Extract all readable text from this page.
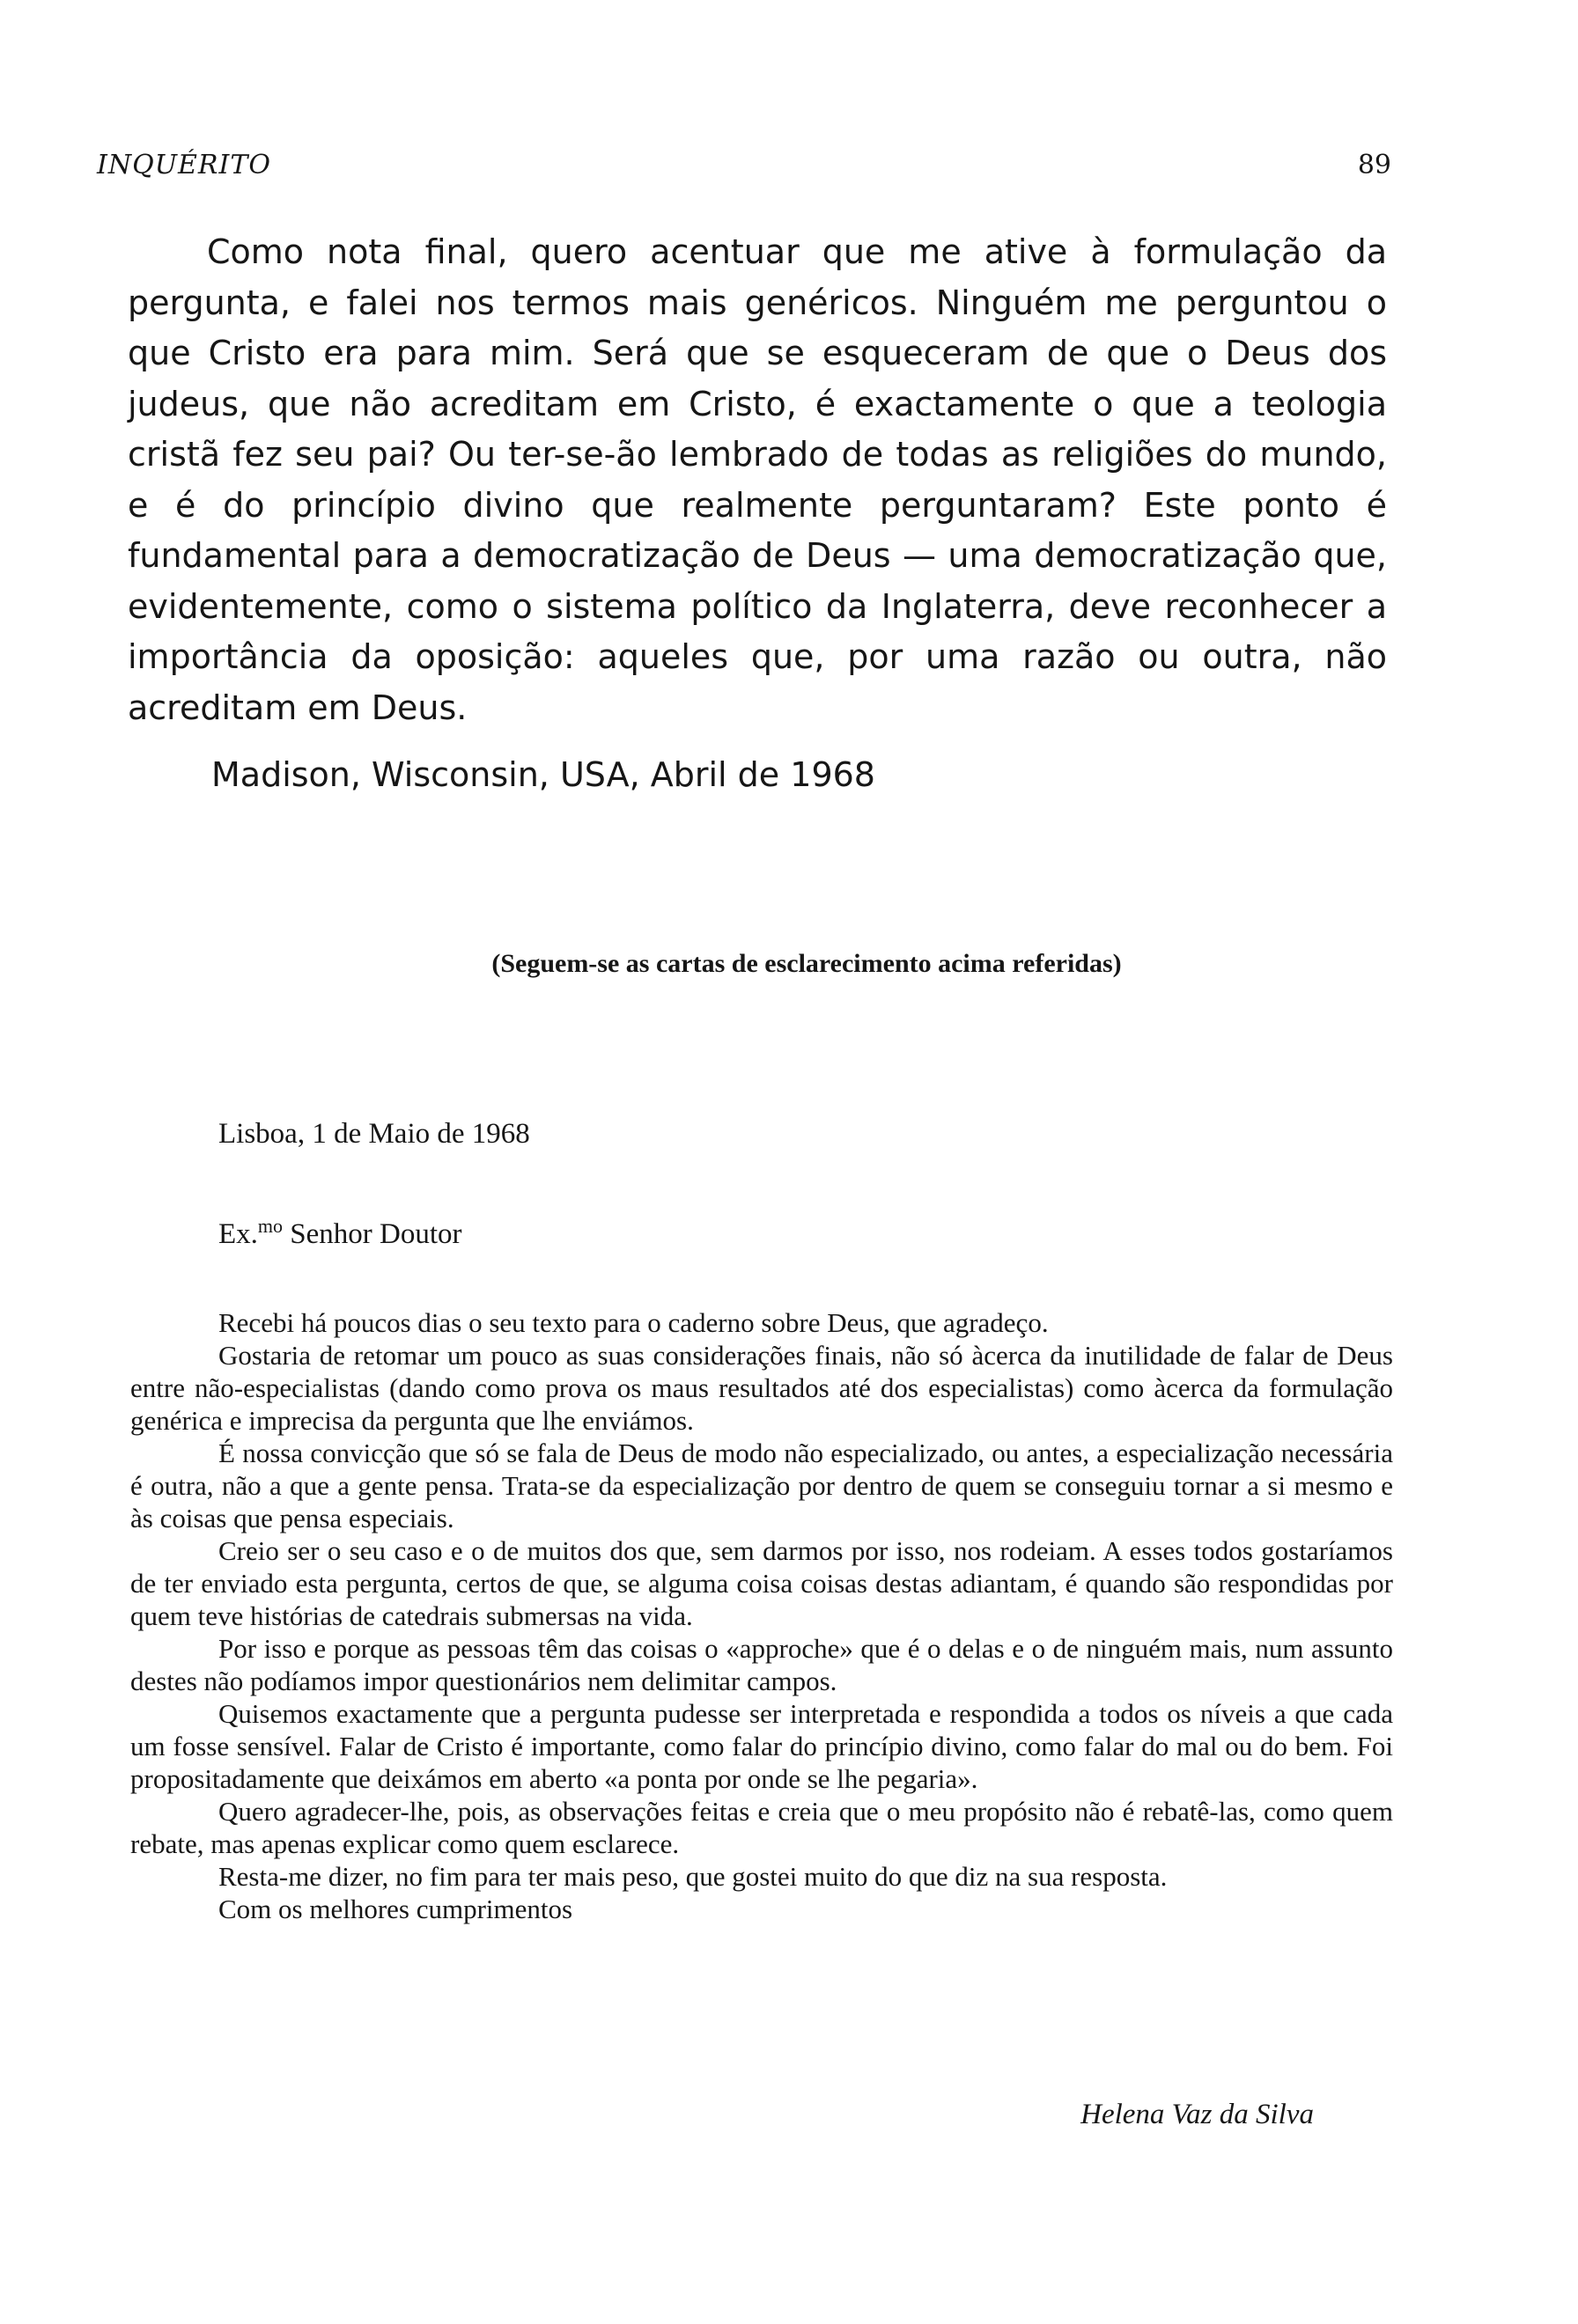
INQUÉRITO	89

Como nota final, quero acentuar que me ative à formulação da pergunta, e falei nos termos mais genéricos. Ninguém me perguntou o que Cristo era para mim. Será que se esqueceram de que o Deus dos judeus, que não acreditam em Cristo, é exactamente o que a teologia cristã fez seu pai? Ou ter-se-ão lembrado de todas as religiões do mundo, e é do princípio divino que realmente perguntaram? Este ponto é fundamental para a democratização de Deus — uma democratização que, evidentemente, como o sistema político da Inglaterra, deve reconhecer a importância da oposição: aqueles que, por uma razão ou outra, não acreditam em Deus.

Madison, Wisconsin, USA, Abril de 1968

(Seguem-se as cartas de esclarecimento acima referidas)

Lisboa, 1 de Maio de 1968

Ex.$^{mo}$ Senhor Doutor

Recebi há poucos dias o seu texto para o caderno sobre Deus, que agradeço.

Gostaria de retomar um pouco as suas considerações finais, não só àcerca da inutilidade de falar de Deus entre não-especialistas (dando como prova os maus resultados até dos especialistas) como àcerca da formulação genérica e imprecisa da pergunta que lhe enviámos.

É nossa convicção que só se fala de Deus de modo não especializado, ou antes, a especialização necessária é outra, não a que a gente pensa. Trata-se da especialização por dentro de quem se conseguiu tornar a si mesmo e às coisas que pensa especiais.

Creio ser o seu caso e o de muitos dos que, sem darmos por isso, nos rodeiam. A esses todos gostaríamos de ter enviado esta pergunta, certos de que, se alguma coisa coisas destas adiantam, é quando são respondidas por quem teve histórias de catedrais submersas na vida.

Por isso e porque as pessoas têm das coisas o «approche» que é o delas e o de ninguém mais, num assunto destes não podíamos impor questionários nem delimitar campos.

Quisemos exactamente que a pergunta pudesse ser interpretada e respondida a todos os níveis a que cada um fosse sensível. Falar de Cristo é importante, como falar do princípio divino, como falar do mal ou do bem. Foi propositadamente que deixámos em aberto «a ponta por onde se lhe pegaria».

Quero agradecer-lhe, pois, as observações feitas e creia que o meu propósito não é rebatê-las, como quem rebate, mas apenas explicar como quem esclarece.

Resta-me dizer, no fim para ter mais peso, que gostei muito do que diz na sua resposta.

Com os melhores cumprimentos

Helena Vaz da Silva
